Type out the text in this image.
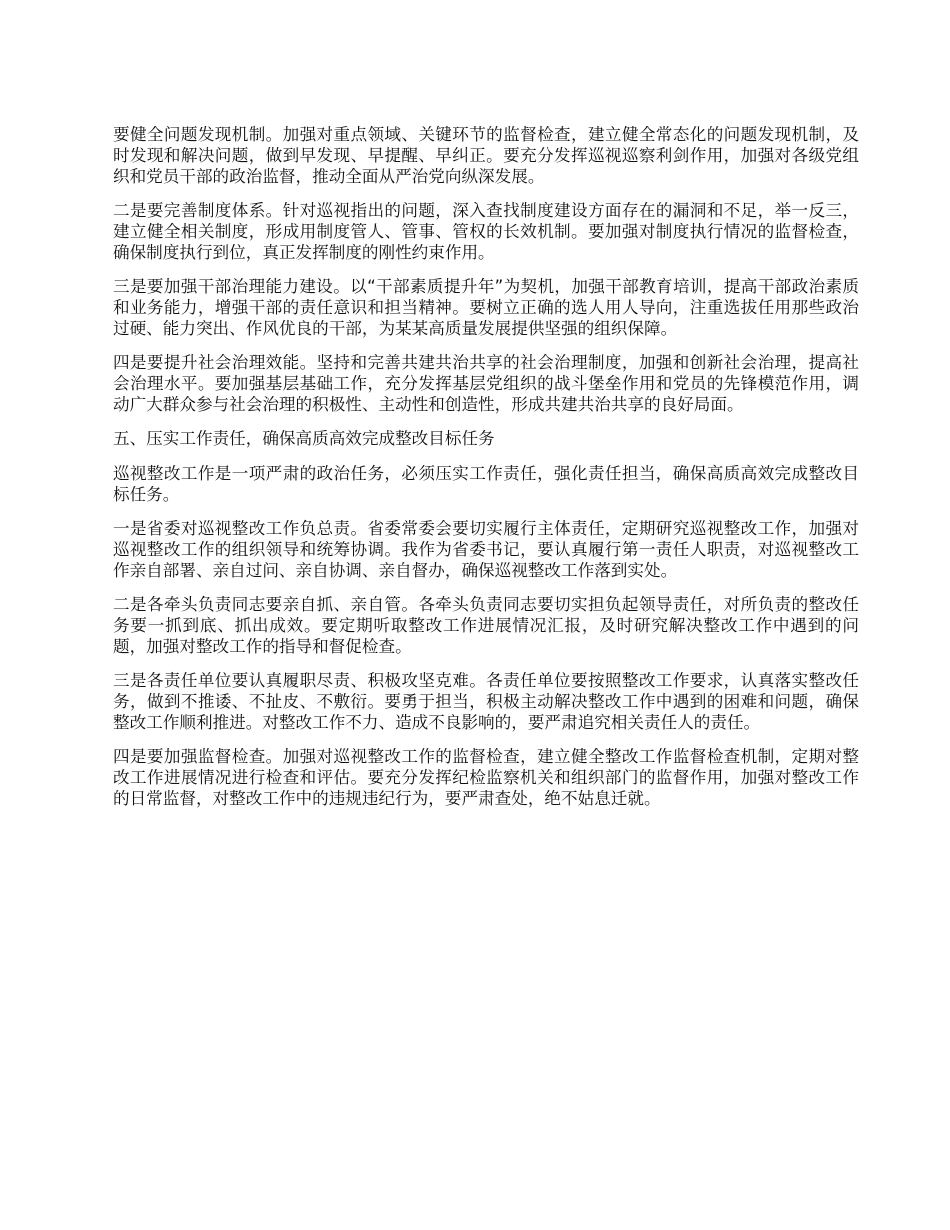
要健全问题发现机制。加强对重点领域、关键环节的监督检查，建立健全常态化的问题发现机制，及时发现和解决问题，做到早发现、早提醒、早纠正。要充分发挥巡视巡察利剑作用，加强对各级党组织和党员干部的政治监督，推动全面从严治党向纵深发展。

二是要完善制度体系。针对巡视指出的问题，深入查找制度建设方面存在的漏洞和不足，举一反三，建立健全相关制度，形成用制度管人、管事、管权的长效机制。要加强对制度执行情况的监督检查，确保制度执行到位，真正发挥制度的刚性约束作用。

三是要加强干部治理能力建设。以“干部素质提升年”为契机，加强干部教育培训，提高干部政治素质和业务能力，增强干部的责任意识和担当精神。要树立正确的选人用人导向，注重选拔任用那些政治过硬、能力突出、作风优良的干部，为某某高质量发展提供坚强的组织保障。

四是要提升社会治理效能。坚持和完善共建共治共享的社会治理制度，加强和创新社会治理，提高社会治理水平。要加强基层基础工作，充分发挥基层党组织的战斗堡垒作用和党员的先锋模范作用，调动广大群众参与社会治理的积极性、主动性和创造性，形成共建共治共享的良好局面。

五、压实工作责任，确保高质高效完成整改目标任务

巡视整改工作是一项严肃的政治任务，必须压实工作责任，强化责任担当，确保高质高效完成整改目标任务。

一是省委对巡视整改工作负总责。省委常委会要切实履行主体责任，定期研究巡视整改工作，加强对巡视整改工作的组织领导和统筹协调。我作为省委书记，要认真履行第一责任人职责，对巡视整改工作亲自部署、亲自过问、亲自协调、亲自督办，确保巡视整改工作落到实处。

二是各牵头负责同志要亲自抓、亲自管。各牵头负责同志要切实担负起领导责任，对所负责的整改任务要一抓到底、抓出成效。要定期听取整改工作进展情况汇报，及时研究解决整改工作中遇到的问题，加强对整改工作的指导和督促检查。

三是各责任单位要认真履职尽责、积极攻坚克难。各责任单位要按照整改工作要求，认真落实整改任务，做到不推诿、不扯皮、不敷衍。要勇于担当，积极主动解决整改工作中遇到的困难和问题，确保整改工作顺利推进。对整改工作不力、造成不良影响的，要严肃追究相关责任人的责任。

四是要加强监督检查。加强对巡视整改工作的监督检查，建立健全整改工作监督检查机制，定期对整改工作进展情况进行检查和评估。要充分发挥纪检监察机关和组织部门的监督作用，加强对整改工作的日常监督，对整改工作中的违规违纪行为，要严肃查处，绝不姑息迁就。
